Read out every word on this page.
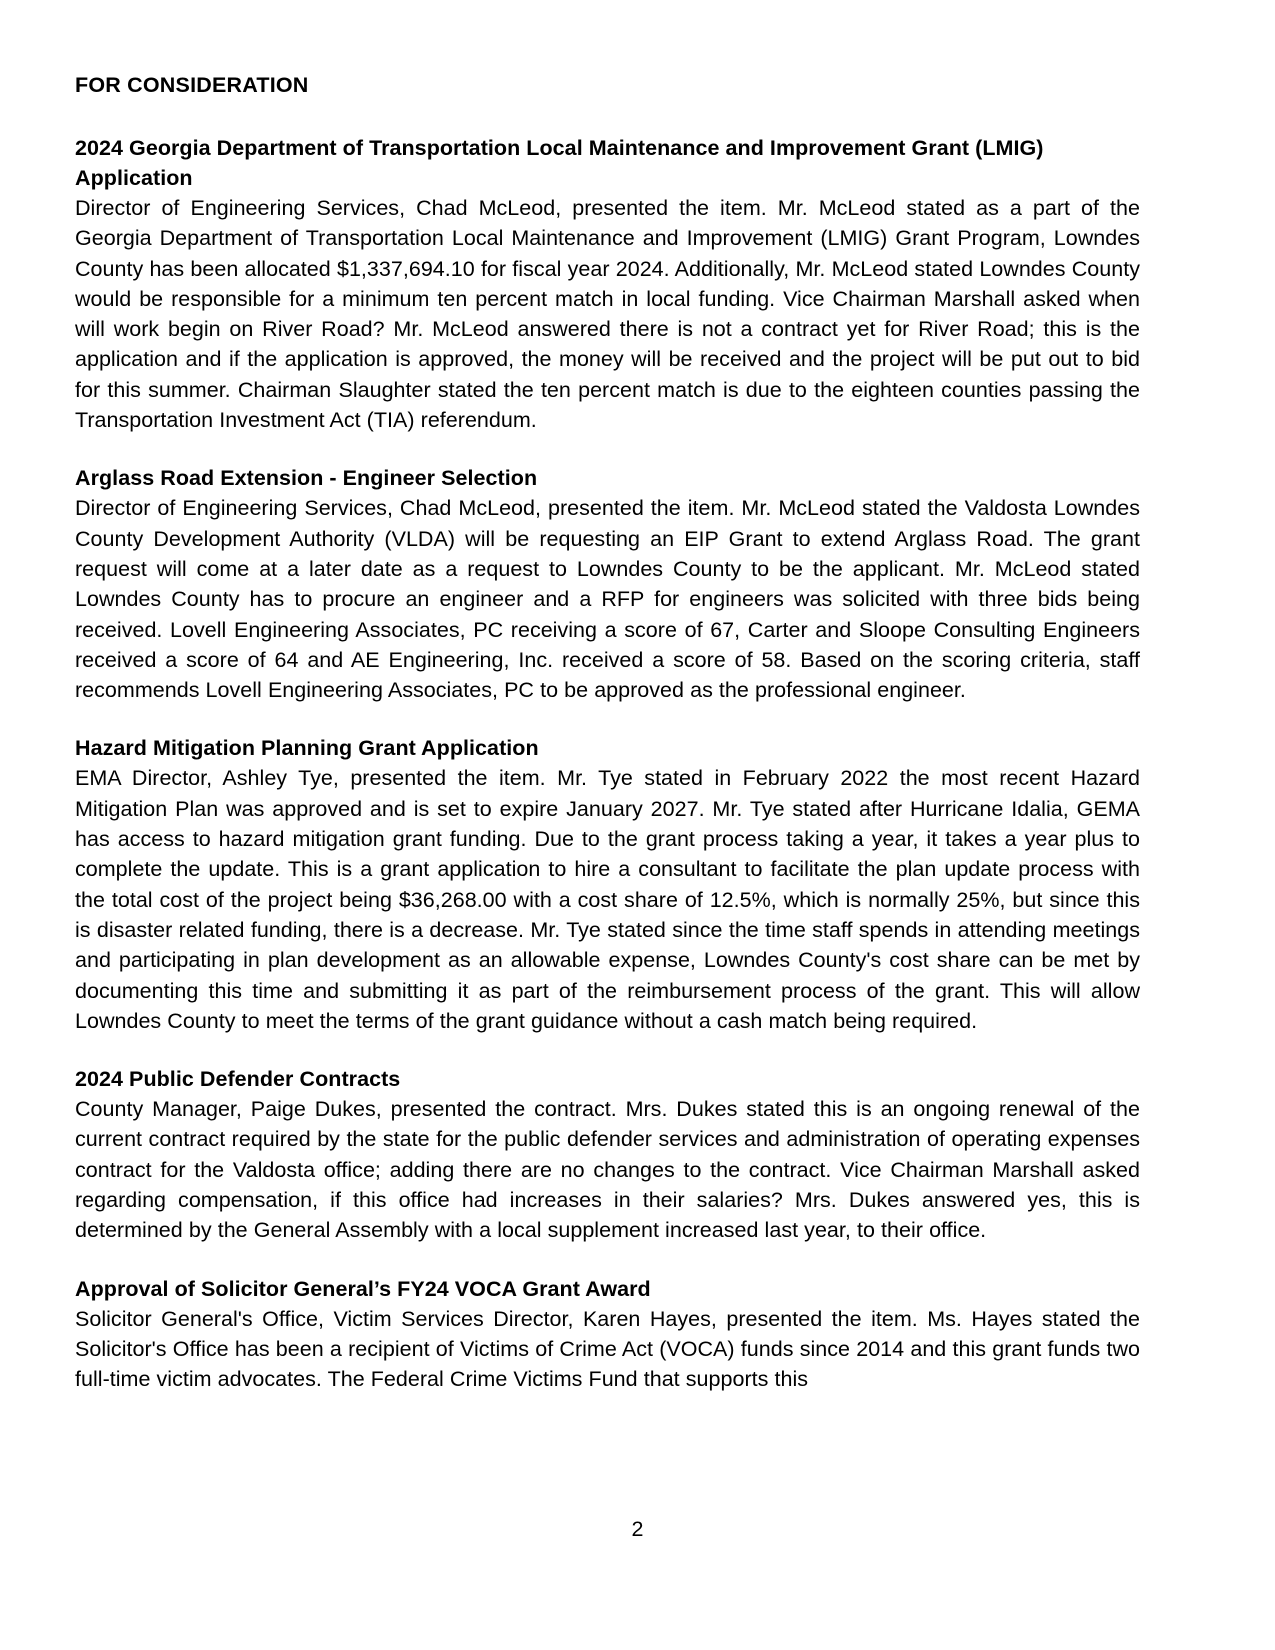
FOR CONSIDERATION
2024 Georgia Department of Transportation Local Maintenance and Improvement Grant (LMIG) Application

Director of Engineering Services, Chad McLeod, presented the item. Mr. McLeod stated as a part of the Georgia Department of Transportation Local Maintenance and Improvement (LMIG) Grant Program, Lowndes County has been allocated $1,337,694.10 for fiscal year 2024. Additionally, Mr. McLeod stated Lowndes County would be responsible for a minimum ten percent match in local funding. Vice Chairman Marshall asked when will work begin on River Road? Mr. McLeod answered there is not a contract yet for River Road; this is the application and if the application is approved, the money will be received and the project will be put out to bid for this summer. Chairman Slaughter stated the ten percent match is due to the eighteen counties passing the Transportation Investment Act (TIA) referendum.

Arglass Road Extension - Engineer Selection

Director of Engineering Services, Chad McLeod, presented the item. Mr. McLeod stated the Valdosta Lowndes County Development Authority (VLDA) will be requesting an EIP Grant to extend Arglass Road. The grant request will come at a later date as a request to Lowndes County to be the applicant. Mr. McLeod stated Lowndes County has to procure an engineer and a RFP for engineers was solicited with three bids being received. Lovell Engineering Associates, PC receiving a score of 67, Carter and Sloope Consulting Engineers received a score of 64 and AE Engineering, Inc. received a score of 58. Based on the scoring criteria, staff recommends Lovell Engineering Associates, PC to be approved as the professional engineer.

Hazard Mitigation Planning Grant Application

EMA Director, Ashley Tye, presented the item. Mr. Tye stated in February 2022 the most recent Hazard Mitigation Plan was approved and is set to expire January 2027. Mr. Tye stated after Hurricane Idalia, GEMA has access to hazard mitigation grant funding. Due to the grant process taking a year, it takes a year plus to complete the update. This is a grant application to hire a consultant to facilitate the plan update process with the total cost of the project being $36,268.00 with a cost share of 12.5%, which is normally 25%, but since this is disaster related funding, there is a decrease. Mr. Tye stated since the time staff spends in attending meetings and participating in plan development as an allowable expense, Lowndes County's cost share can be met by documenting this time and submitting it as part of the reimbursement process of the grant. This will allow Lowndes County to meet the terms of the grant guidance without a cash match being required.

2024 Public Defender Contracts

County Manager, Paige Dukes, presented the contract. Mrs. Dukes stated this is an ongoing renewal of the current contract required by the state for the public defender services and administration of operating expenses contract for the Valdosta office; adding there are no changes to the contract. Vice Chairman Marshall asked regarding compensation, if this office had increases in their salaries? Mrs. Dukes answered yes, this is determined by the General Assembly with a local supplement increased last year, to their office.

Approval of Solicitor General’s FY24 VOCA Grant Award

Solicitor General's Office, Victim Services Director, Karen Hayes, presented the item. Ms. Hayes stated the Solicitor's Office has been a recipient of Victims of Crime Act (VOCA) funds since 2014 and this grant funds two full-time victim advocates. The Federal Crime Victims Fund that supports this

2
